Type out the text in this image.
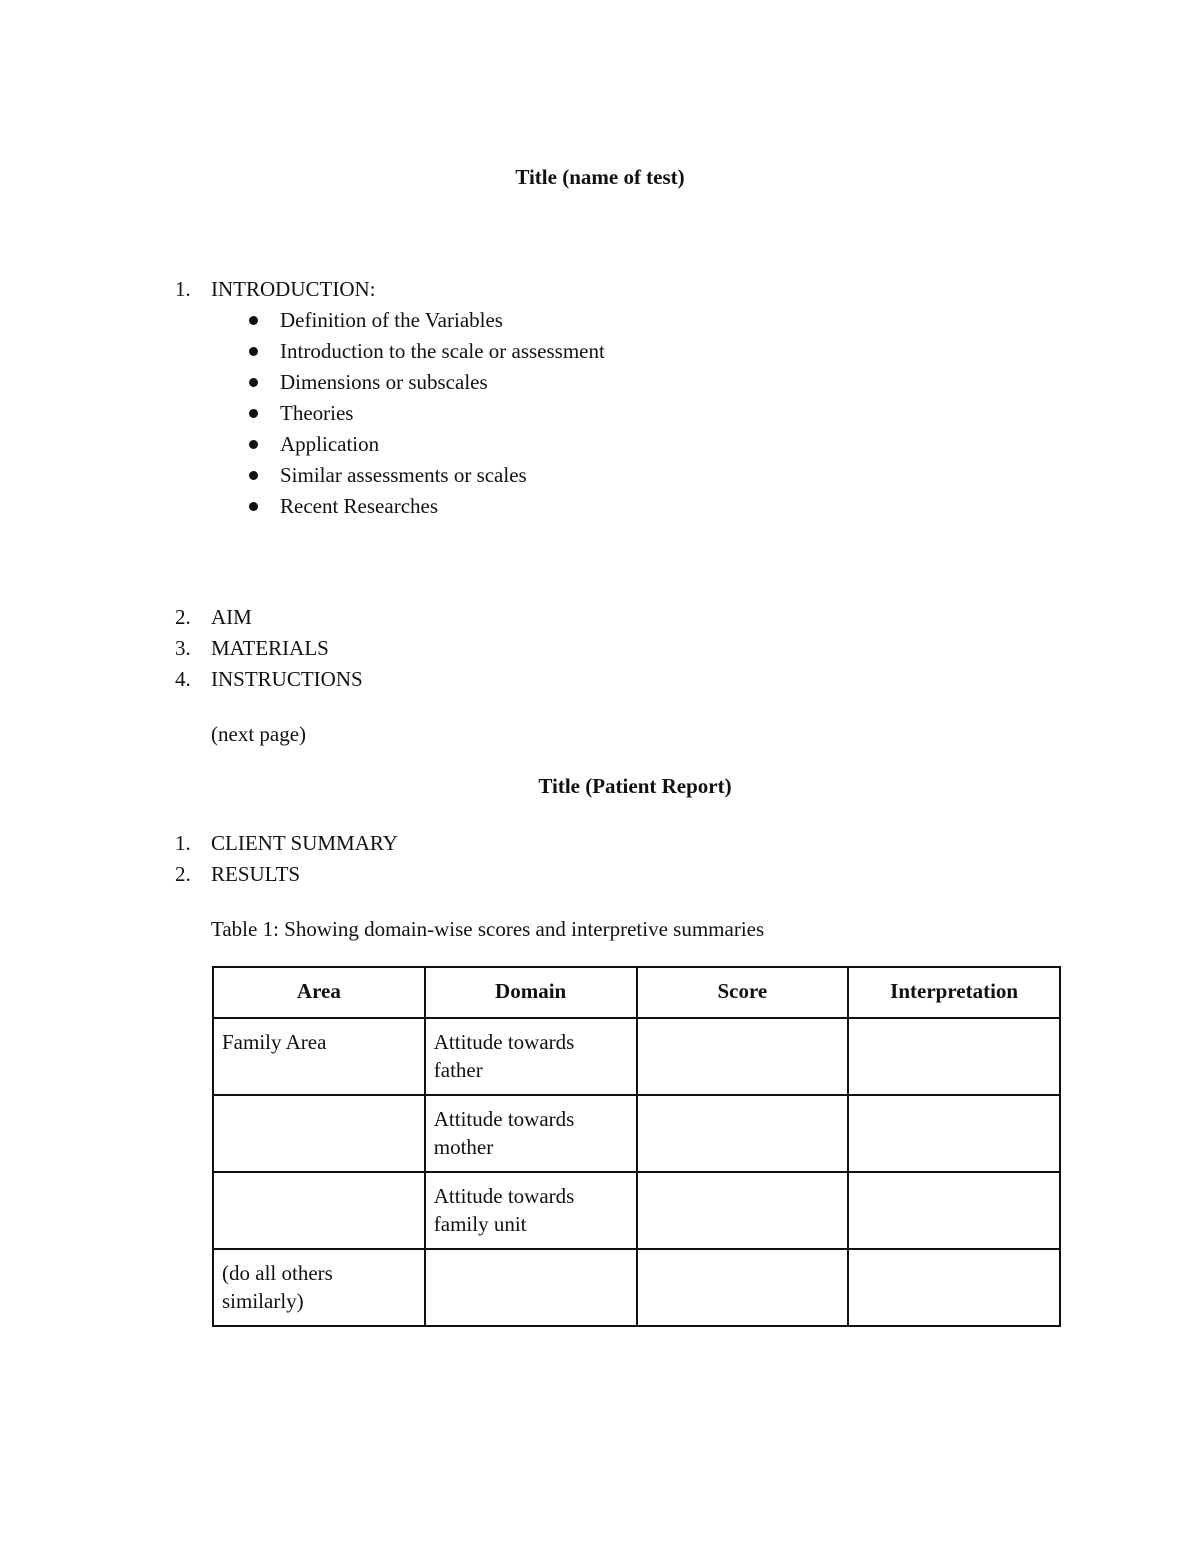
Title (name of test)
1. INTRODUCTION:
Definition of the Variables
Introduction to the scale or assessment
Dimensions or subscales
Theories
Application
Similar assessments or scales
Recent Researches
2. AIM
3. MATERIALS
4. INSTRUCTIONS
(next page)
Title (Patient Report)
1. CLIENT SUMMARY
2. RESULTS
Table 1: Showing domain-wise scores and interpretive summaries
Area	Domain	Score	Interpretation
Family Area	Attitude towards father		
	Attitude towards mother		
	Attitude towards family unit		
(do all others similarly)			
